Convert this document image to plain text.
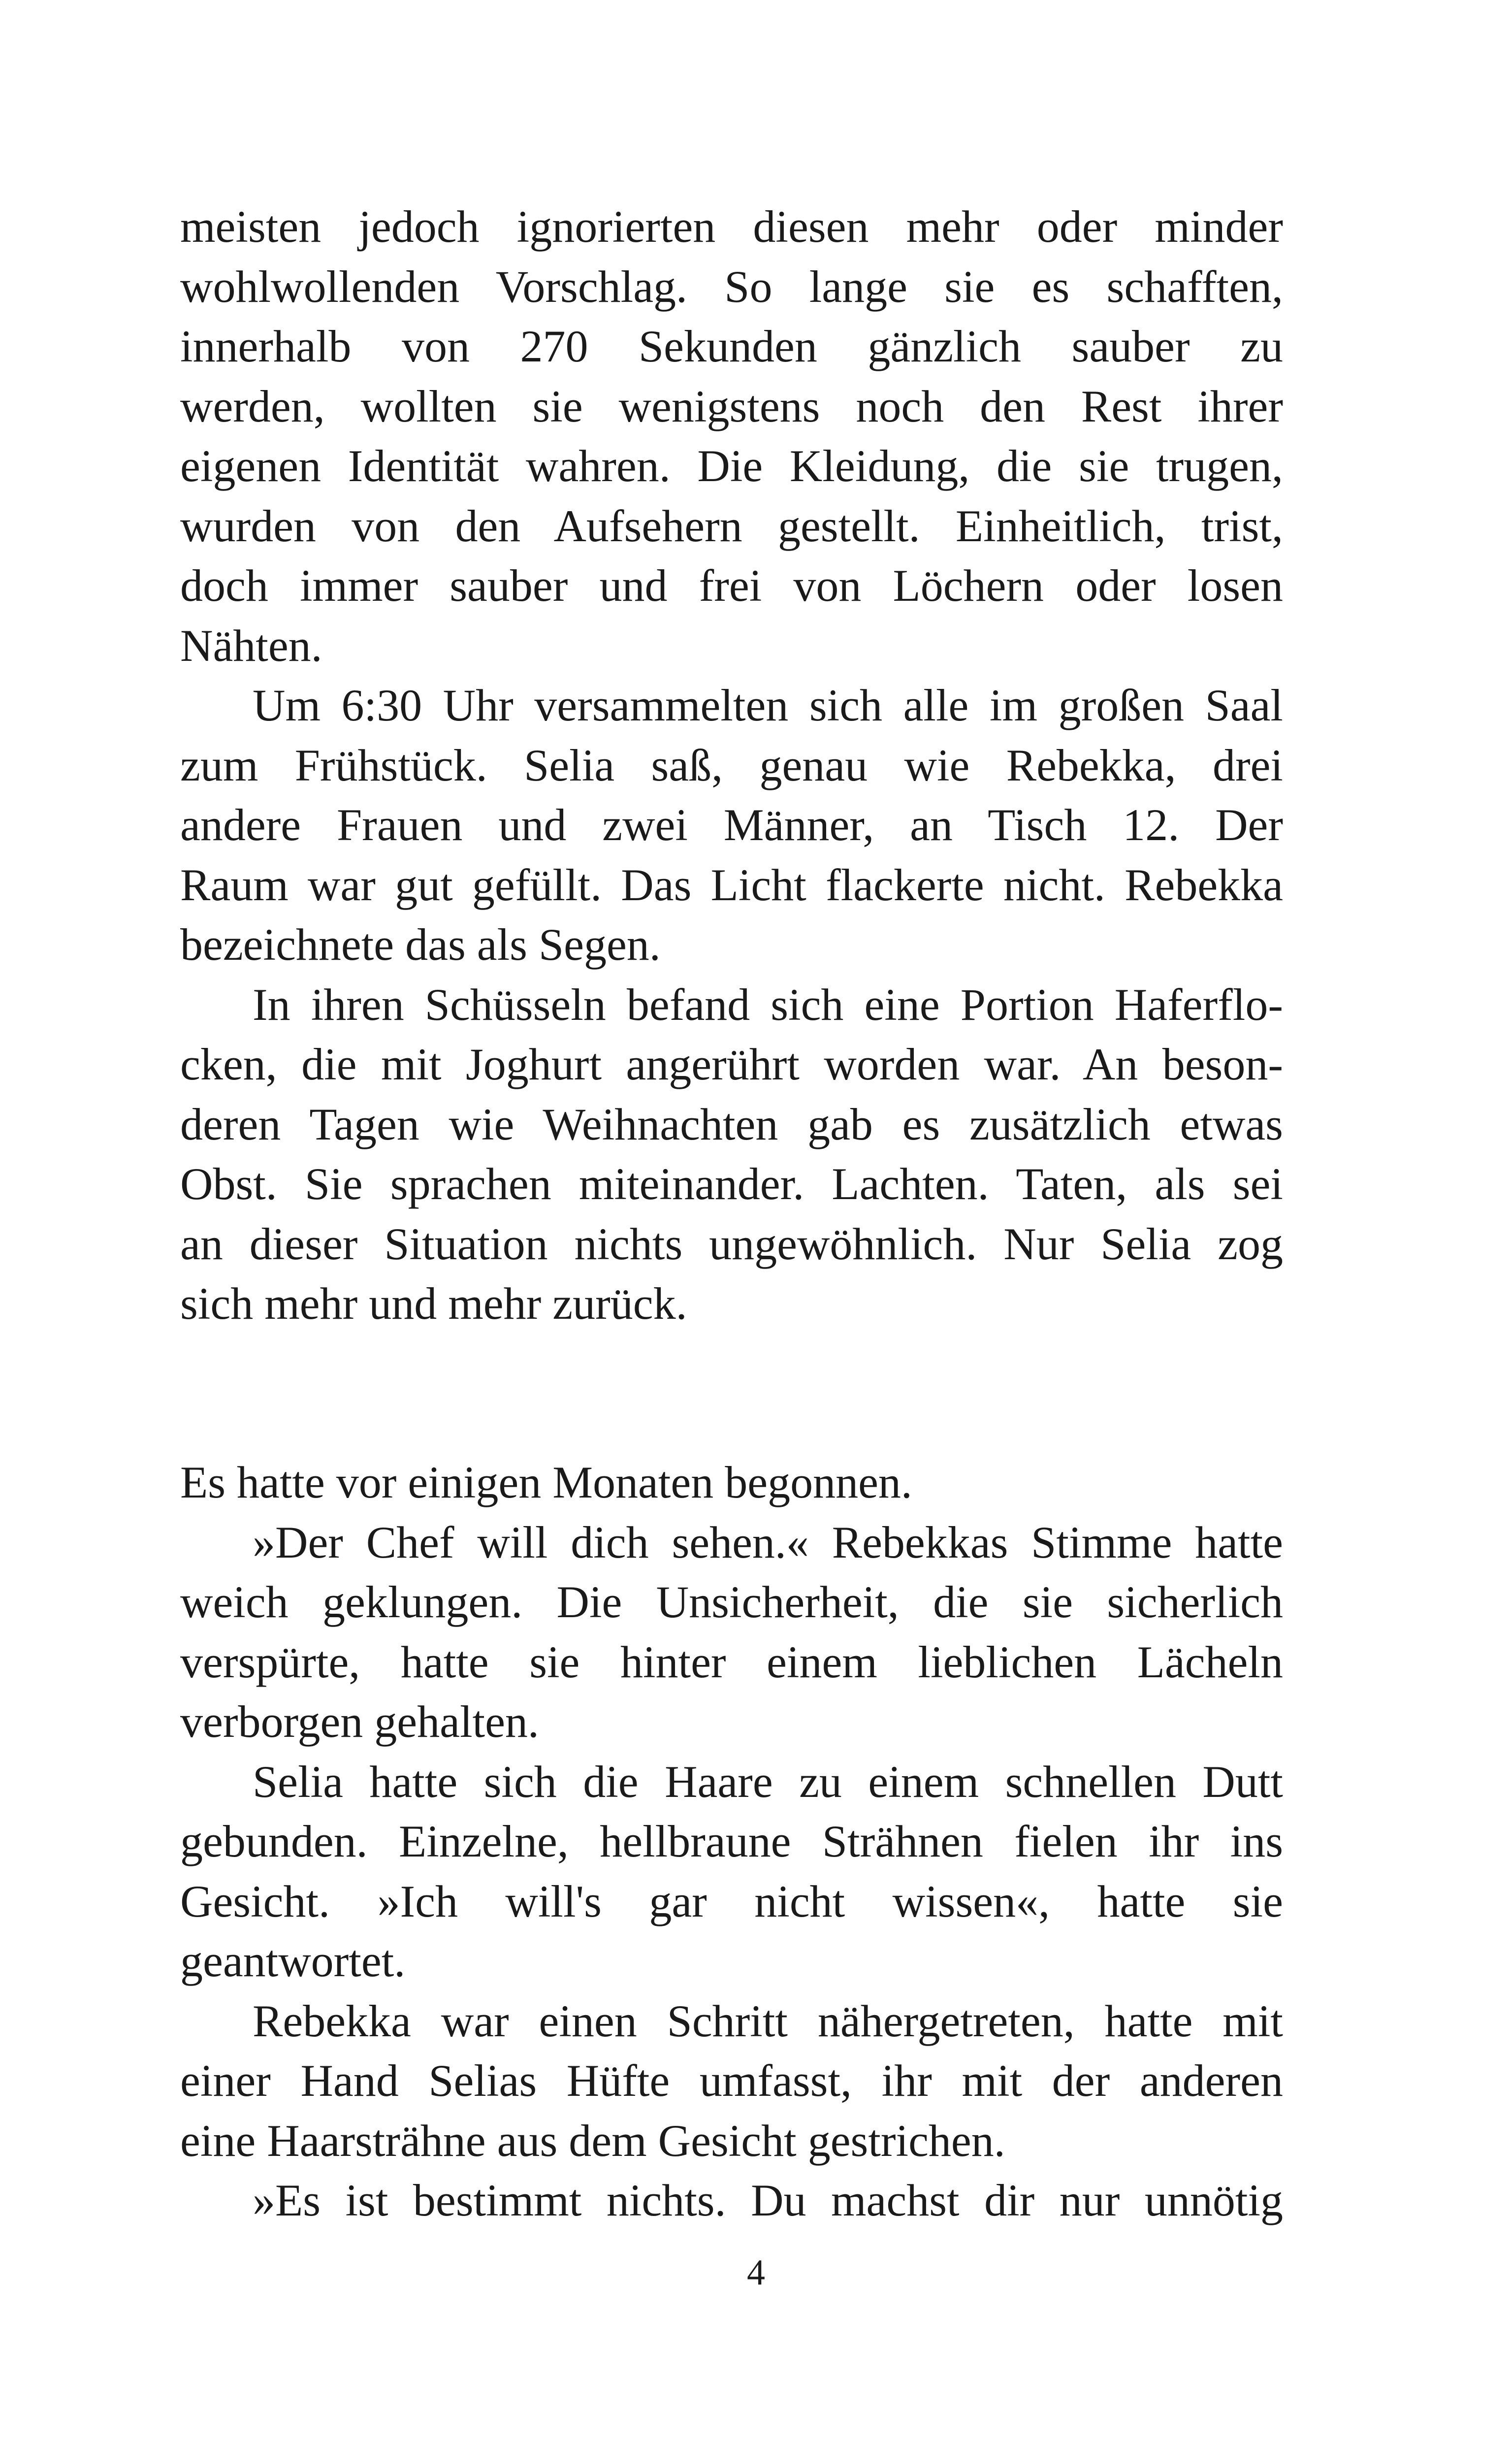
meisten jedoch ignorierten diesen mehr oder minder
wohlwollenden Vorschlag. So lange sie es schafften,
innerhalb von 270 Sekunden gänzlich sauber zu
werden, wollten sie wenigstens noch den Rest ihrer
eigenen Identität wahren. Die Kleidung, die sie trugen,
wurden von den Aufsehern gestellt. Einheitlich, trist,
doch immer sauber und frei von Löchern oder losen
Nähten.

Um 6:30 Uhr versammelten sich alle im großen Saal
zum Frühstück. Selia saß, genau wie Rebekka, drei
andere Frauen und zwei Männer, an Tisch 12. Der
Raum war gut gefüllt. Das Licht flackerte nicht. Rebekka
bezeichnete das als Segen.

In ihren Schüsseln befand sich eine Portion Haferflo-
cken, die mit Joghurt angerührt worden war. An beson-
deren Tagen wie Weihnachten gab es zusätzlich etwas
Obst. Sie sprachen miteinander. Lachten. Taten, als sei
an dieser Situation nichts ungewöhnlich. Nur Selia zog
sich mehr und mehr zurück.

Es hatte vor einigen Monaten begonnen.

»Der Chef will dich sehen.« Rebekkas Stimme hatte
weich geklungen. Die Unsicherheit, die sie sicherlich
verspürte, hatte sie hinter einem lieblichen Lächeln
verborgen gehalten.

Selia hatte sich die Haare zu einem schnellen Dutt
gebunden. Einzelne, hellbraune Strähnen fielen ihr ins
Gesicht. »Ich will's gar nicht wissen«, hatte sie
geantwortet.

Rebekka war einen Schritt nähergetreten, hatte mit
einer Hand Selias Hüfte umfasst, ihr mit der anderen
eine Haarsträhne aus dem Gesicht gestrichen.

»Es ist bestimmt nichts. Du machst dir nur unnötig

4
